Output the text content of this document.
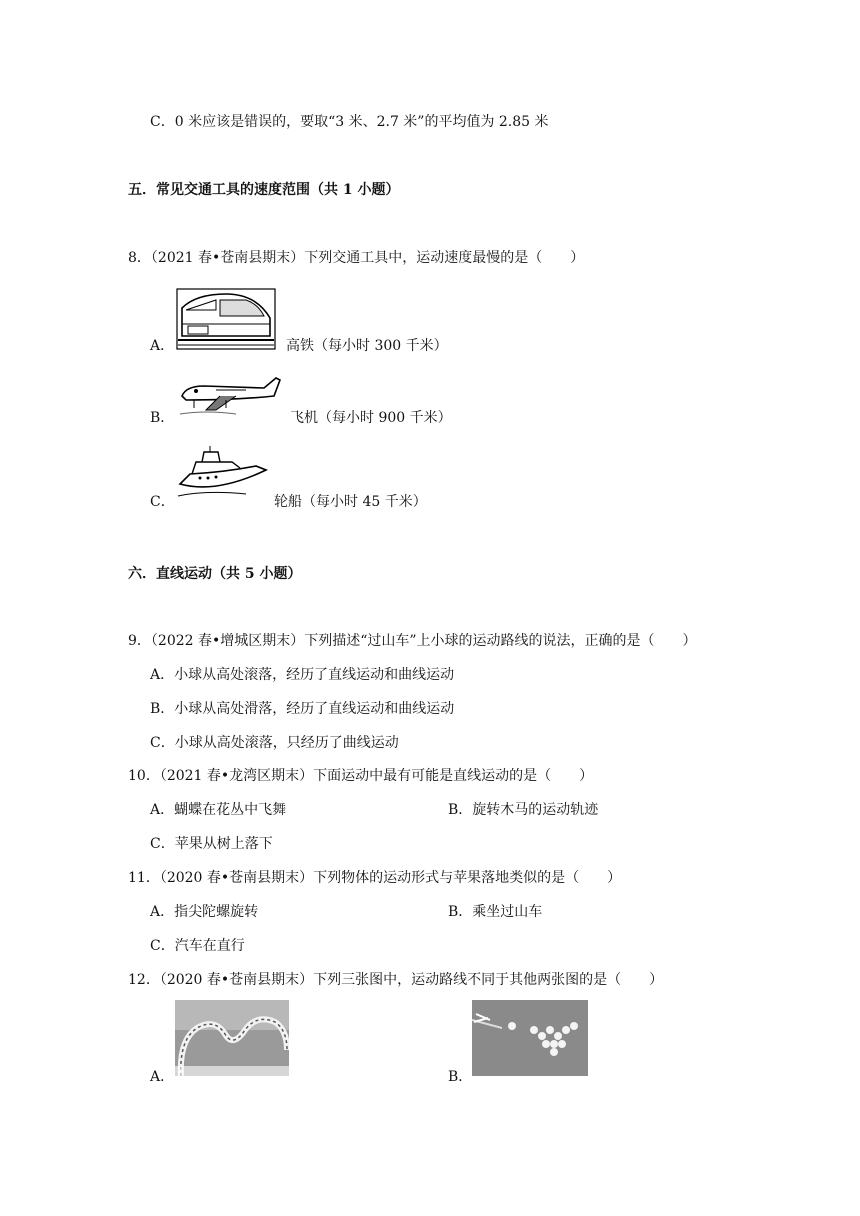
C．0 米应该是错误的，要取“3 米、2.7 米”的平均值为 2.85 米
五．常见交通工具的速度范围（共 1 小题）
8．（2021 春•苍南县期末）下列交通工具中，运动速度最慢的是（　　）
A．	高铁（每小时 300 千米）
B．	飞机（每小时 900 千米）
C．	轮船（每小时 45 千米）
六．直线运动（共 5 小题）
9．（2022 春•增城区期末）下列描述“过山车”上小球的运动路线的说法，正确的是（　　）
A．小球从高处滚落，经历了直线运动和曲线运动
B．小球从高处滑落，经历了直线运动和曲线运动
C．小球从高处滚落，只经历了曲线运动
10．（2021 春•龙湾区期末）下面运动中最有可能是直线运动的是（　　）
A．蝴蝶在花丛中飞舞	B．旋转木马的运动轨迹
C．苹果从树上落下
11．（2020 春•苍南县期末）下列物体的运动形式与苹果落地类似的是（　　）
A．指尖陀螺旋转	B．乘坐过山车
C．汽车在直行
12．（2020 春•苍南县期末）下列三张图中，运动路线不同于其他两张图的是（　　）
A．	B．
